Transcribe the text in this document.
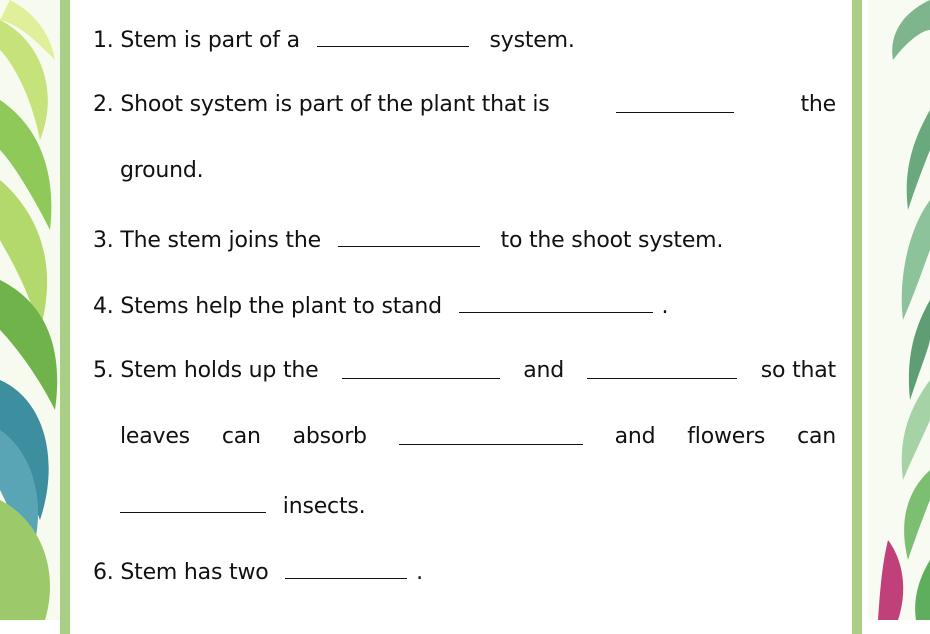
1. Stem is part of a	system.
2. Shoot system is part of the plant that is	the
ground.
3. The stem joins the	to the shoot system.
4. Stems help the plant to stand	.
5. Stem holds up the	and	so that
leaves can absorb	and flowers can
insects.
6. Stem has two	.
